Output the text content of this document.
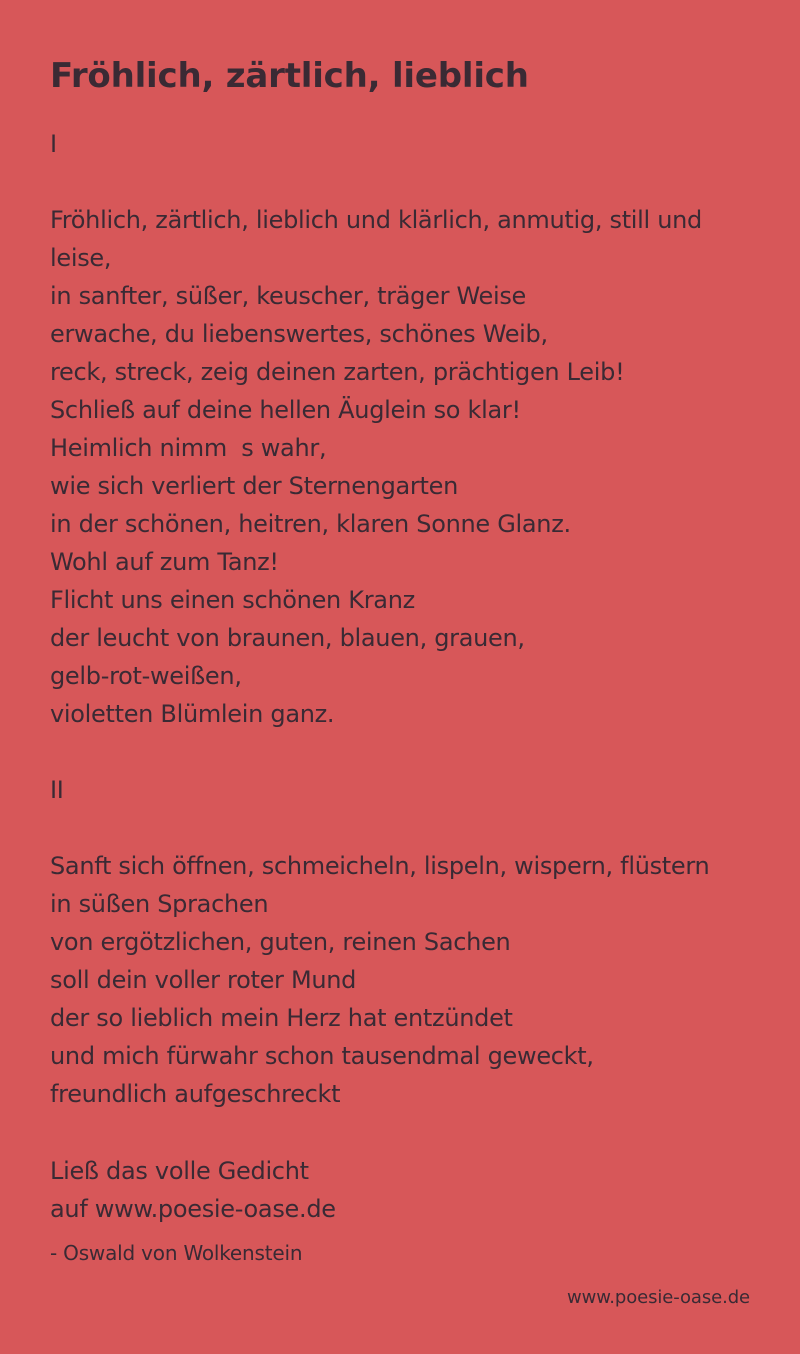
Fröhlich, zärtlich, lieblich
I
Fröhlich, zärtlich, lieblich und klärlich, anmutig, still und leise,
in sanfter, süßer, keuscher, träger Weise
erwache, du liebenswertes, schönes Weib,
reck, streck, zeig deinen zarten, prächtigen Leib!
Schließ auf deine hellen Äuglein so klar!
Heimlich nimms wahr,
wie sich verliert der Sternengarten
in der schönen, heitren, klaren Sonne Glanz.
Wohl auf zum Tanz!
Flicht uns einen schönen Kranz
der leucht von braunen, blauen, grauen,
gelb-rot-weißen,
violetten Blümlein ganz.
II
Sanft sich öffnen, schmeicheln, lispeln, wispern, flüstern
in süßen Sprachen
von ergötzlichen, guten, reinen Sachen
soll dein voller roter Mund
der so lieblich mein Herz hat entzündet
und mich fürwahr schon tausendmal geweckt,
freundlich aufgeschreckt
Ließ das volle Gedicht
auf www.poesie-oase.de
- Oswald von Wolkenstein
www.poesie-oase.de
